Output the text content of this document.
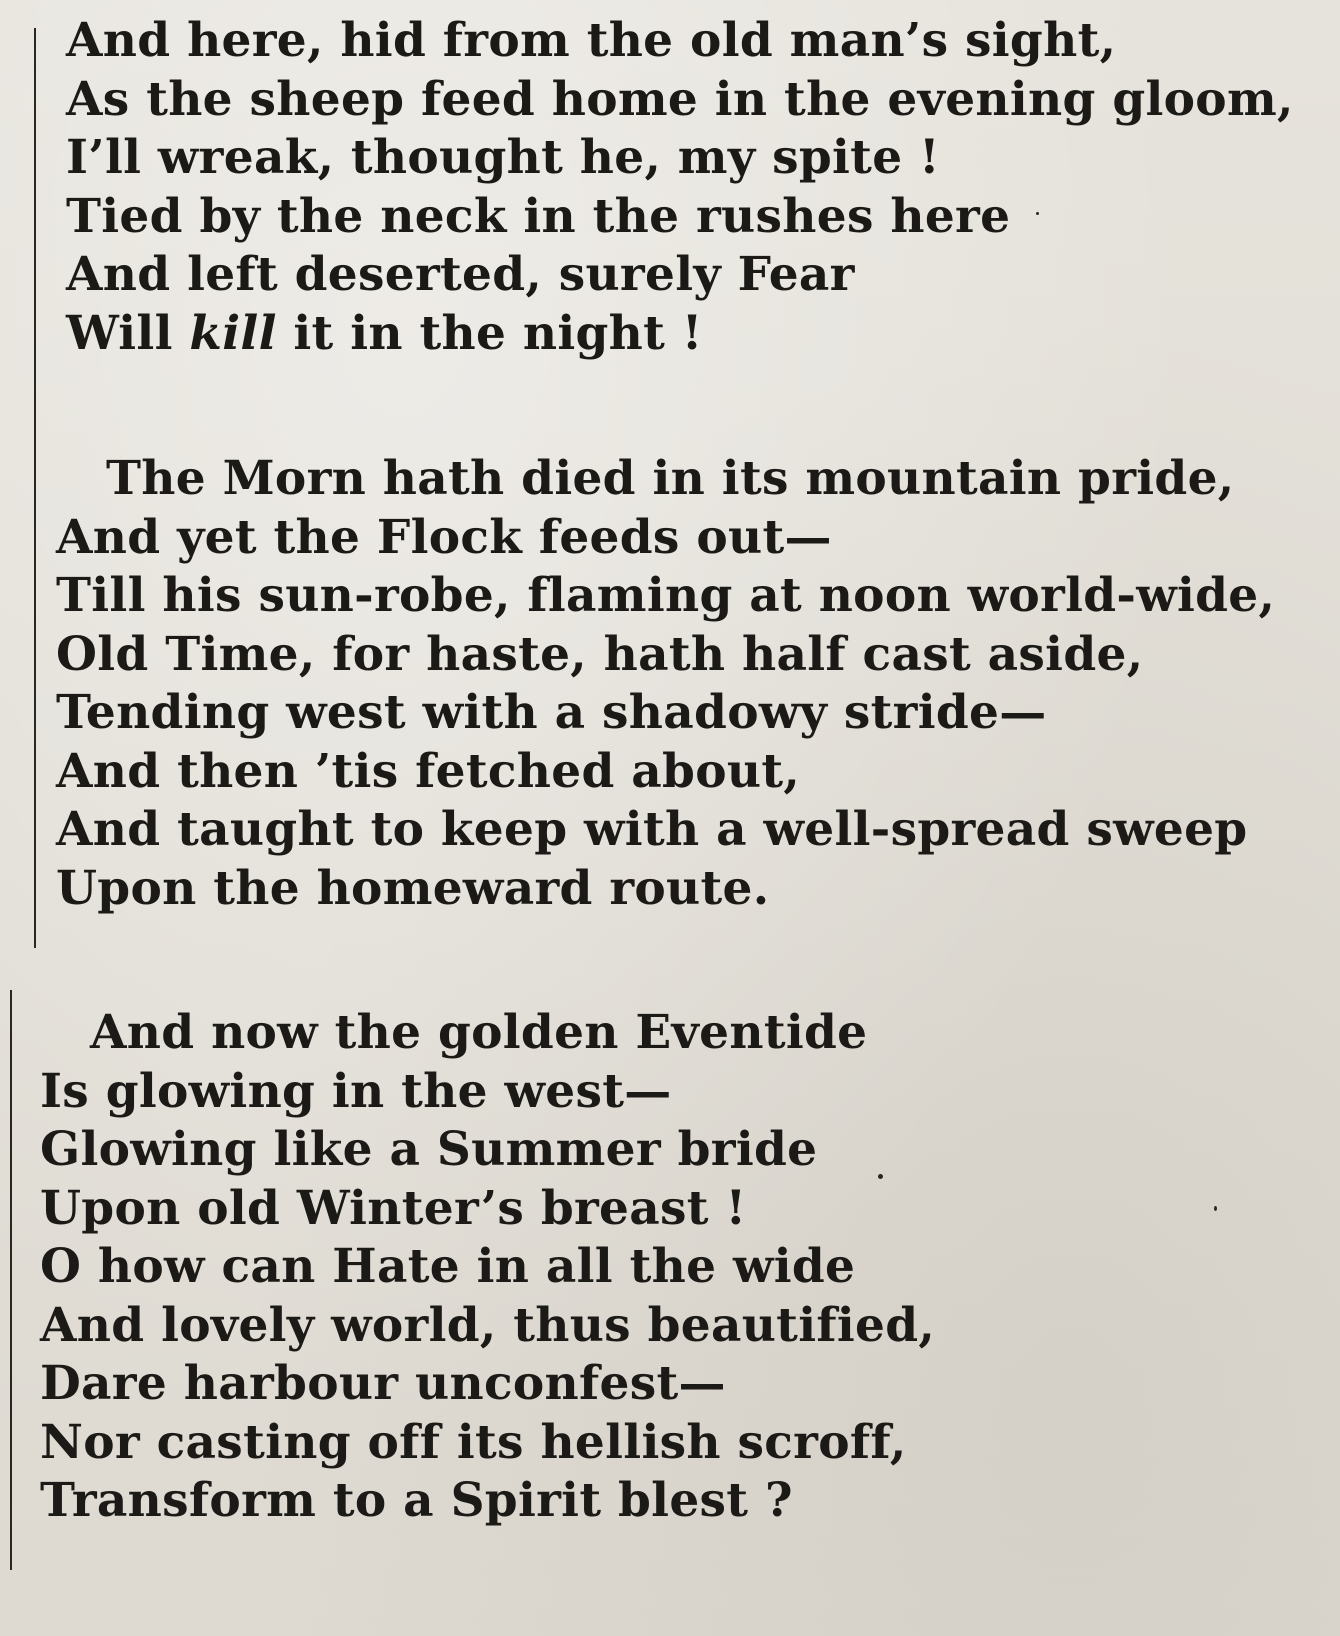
And here, hid from the old man’s sight,
As the sheep feed home in the evening gloom,
I’ll wreak, thought he, my spite !
Tied by the neck in the rushes here
And left deserted, surely Fear
Will kill it in the night !
The Morn hath died in its mountain pride,
And yet the Flock feeds out—
Till his sun-robe, flaming at noon world-wide,
Old Time, for haste, hath half cast aside,
Tending west with a shadowy stride—
And then ’tis fetched about,
And taught to keep with a well-spread sweep
Upon the homeward route.
And now the golden Eventide
Is glowing in the west—
Glowing like a Summer bride
Upon old Winter’s breast !
O how can Hate in all the wide
And lovely world, thus beautified,
Dare harbour unconfest—
Nor casting off its hellish scroff,
Transform to a Spirit blest ?
